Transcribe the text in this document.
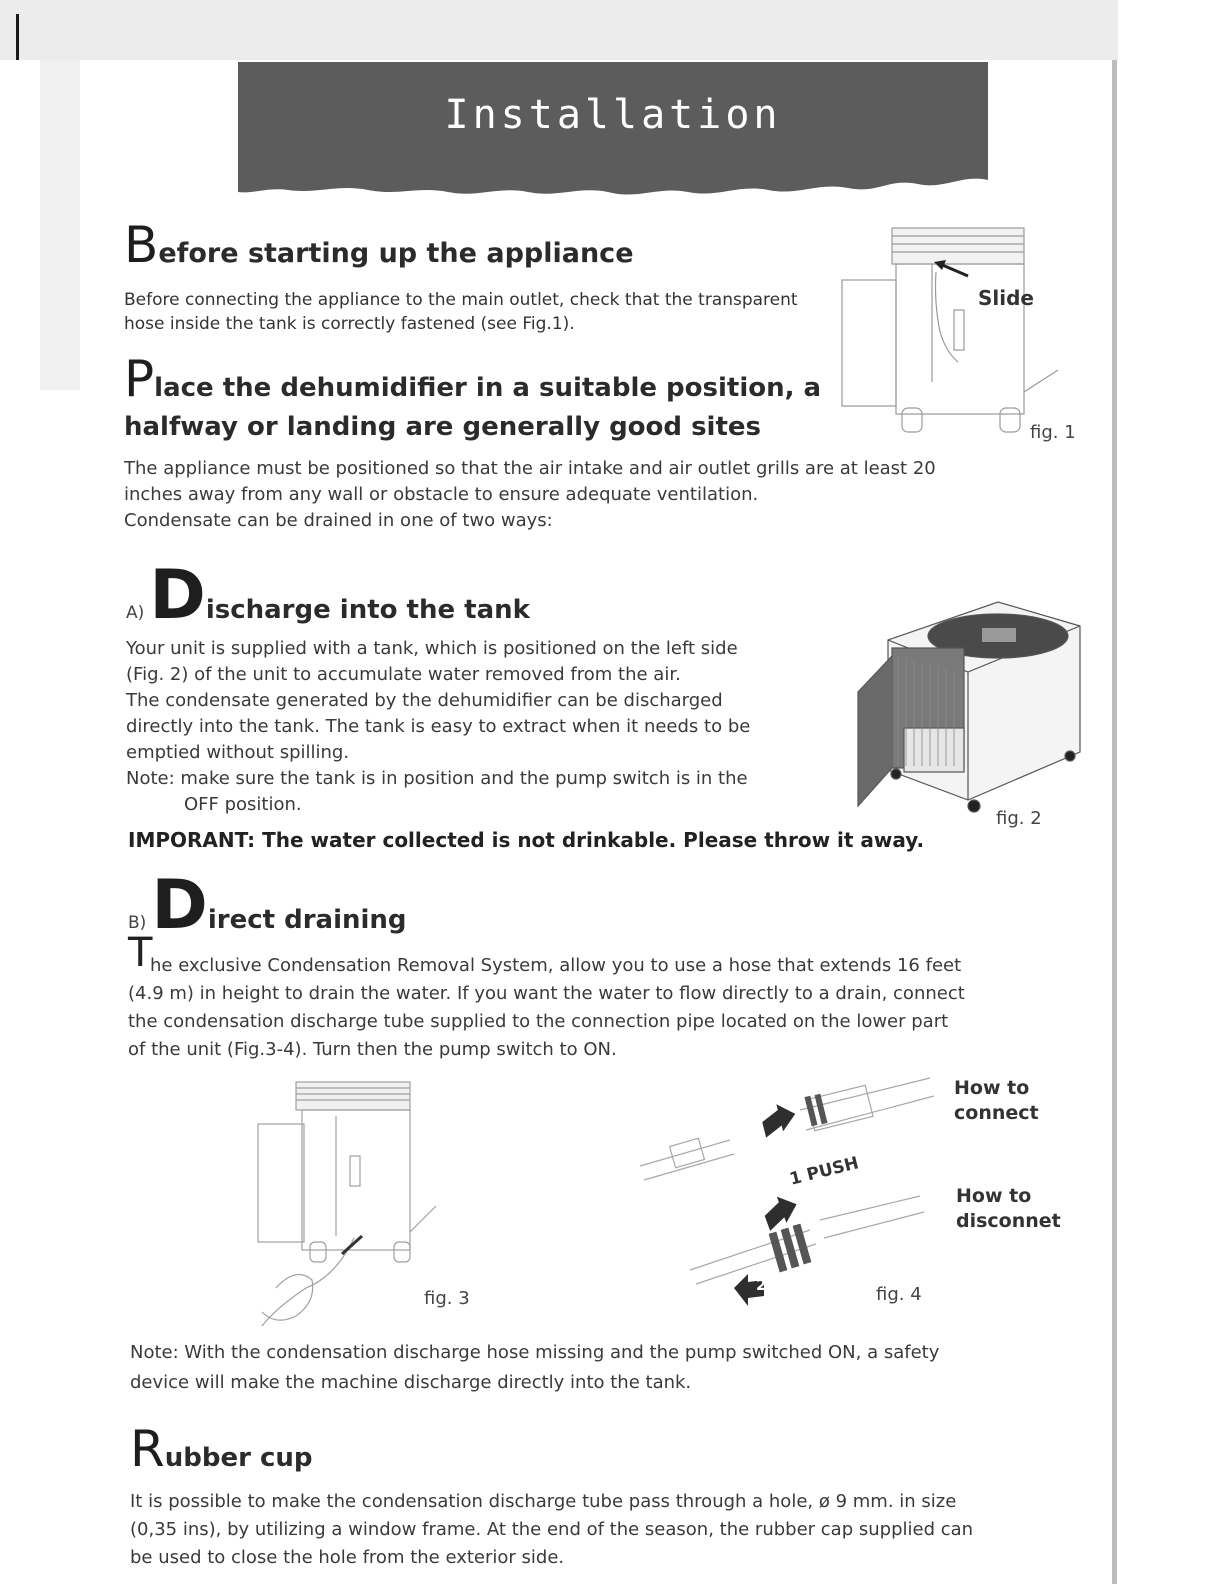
Installation
Before starting up the appliance
Before connecting the appliance to the main outlet, check that the transparent
hose inside the tank is correctly fastened (see Fig.1).
Slide
fig. 1
Place the dehumidifier in a suitable position, a
halfway or landing are generally good sites
The appliance must be positioned so that the air intake and air outlet grills are at least 20
inches away from any wall or obstacle to ensure adequate ventilation.
Condensate can be drained in one of two ways:
A) Discharge into the tank
Your unit is supplied with a tank, which is positioned on the left side
(Fig. 2) of the unit to accumulate water removed from the air.
The condensate generated by the dehumidifier can be discharged
directly into the tank. The tank is easy to extract when it needs to be
emptied without spilling.
Note: make sure the tank is in position and the pump switch is in the
OFF position.
IMPORANT: The water collected is not drinkable. Please throw it away.
fig. 2
B) Direct draining
T
he exclusive Condensation Removal System, allow you to use a hose that extends 16 feet
(4.9 m) in height to drain the water. If you want the water to flow directly to a drain, connect
the condensation discharge tube supplied to the connection pipe located on the lower part
of the unit (Fig.3-4). Turn then the pump switch to ON.
fig. 3
1 PUSH
2
How to
connect
How to
disconnet
fig. 4
Note: With the condensation discharge hose missing and the pump switched ON, a safety
device will make the machine discharge directly into the tank.
Rubber cup
It is possible to make the condensation discharge tube pass through a hole, ø 9 mm. in size
(0,35 ins), by utilizing a window frame. At the end of the season, the rubber cap supplied can
be used to close the hole from the exterior side.
